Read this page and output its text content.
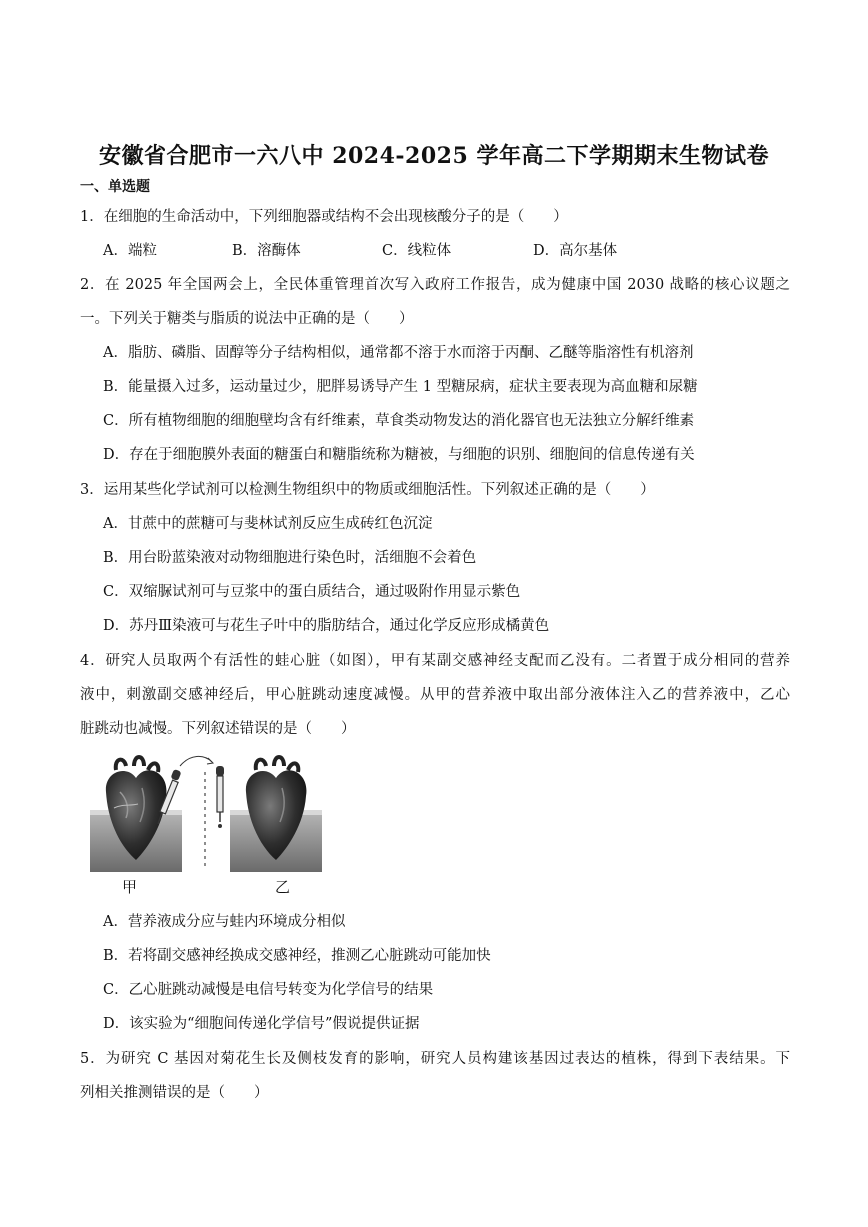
安徽省合肥市一六八中 2024-2025 学年高二下学期期末生物试卷
一、单选题
1．在细胞的生命活动中，下列细胞器或结构不会出现核酸分子的是（　　）
A．端粒	B．溶酶体	C．线粒体	D．高尔基体
2．在 2025 年全国两会上，全民体重管理首次写入政府工作报告，成为健康中国 2030 战略的核心议题之
一。下列关于糖类与脂质的说法中正确的是（　　）
A．脂肪、磷脂、固醇等分子结构相似，通常都不溶于水而溶于丙酮、乙醚等脂溶性有机溶剂
B．能量摄入过多，运动量过少，肥胖易诱导产生 1 型糖尿病，症状主要表现为高血糖和尿糖
C．所有植物细胞的细胞壁均含有纤维素，草食类动物发达的消化器官也无法独立分解纤维素
D．存在于细胞膜外表面的糖蛋白和糖脂统称为糖被，与细胞的识别、细胞间的信息传递有关
3．运用某些化学试剂可以检测生物组织中的物质或细胞活性。下列叙述正确的是（　　）
A．甘蔗中的蔗糖可与斐林试剂反应生成砖红色沉淀
B．用台盼蓝染液对动物细胞进行染色时，活细胞不会着色
C．双缩脲试剂可与豆浆中的蛋白质结合，通过吸附作用显示紫色
D．苏丹Ⅲ染液可与花生子叶中的脂肪结合，通过化学反应形成橘黄色
4．研究人员取两个有活性的蛙心脏（如图），甲有某副交感神经支配而乙没有。二者置于成分相同的营养
液中，刺激副交感神经后，甲心脏跳动速度减慢。从甲的营养液中取出部分液体注入乙的营养液中，乙心
脏跳动也减慢。下列叙述错误的是（　　）
甲	乙
A．营养液成分应与蛙内环境成分相似
B．若将副交感神经换成交感神经，推测乙心脏跳动可能加快
C．乙心脏跳动减慢是电信号转变为化学信号的结果
D．该实验为“细胞间传递化学信号”假说提供证据
5．为研究 C 基因对菊花生长及侧枝发育的影响，研究人员构建该基因过表达的植株，得到下表结果。下
列相关推测错误的是（　　）
